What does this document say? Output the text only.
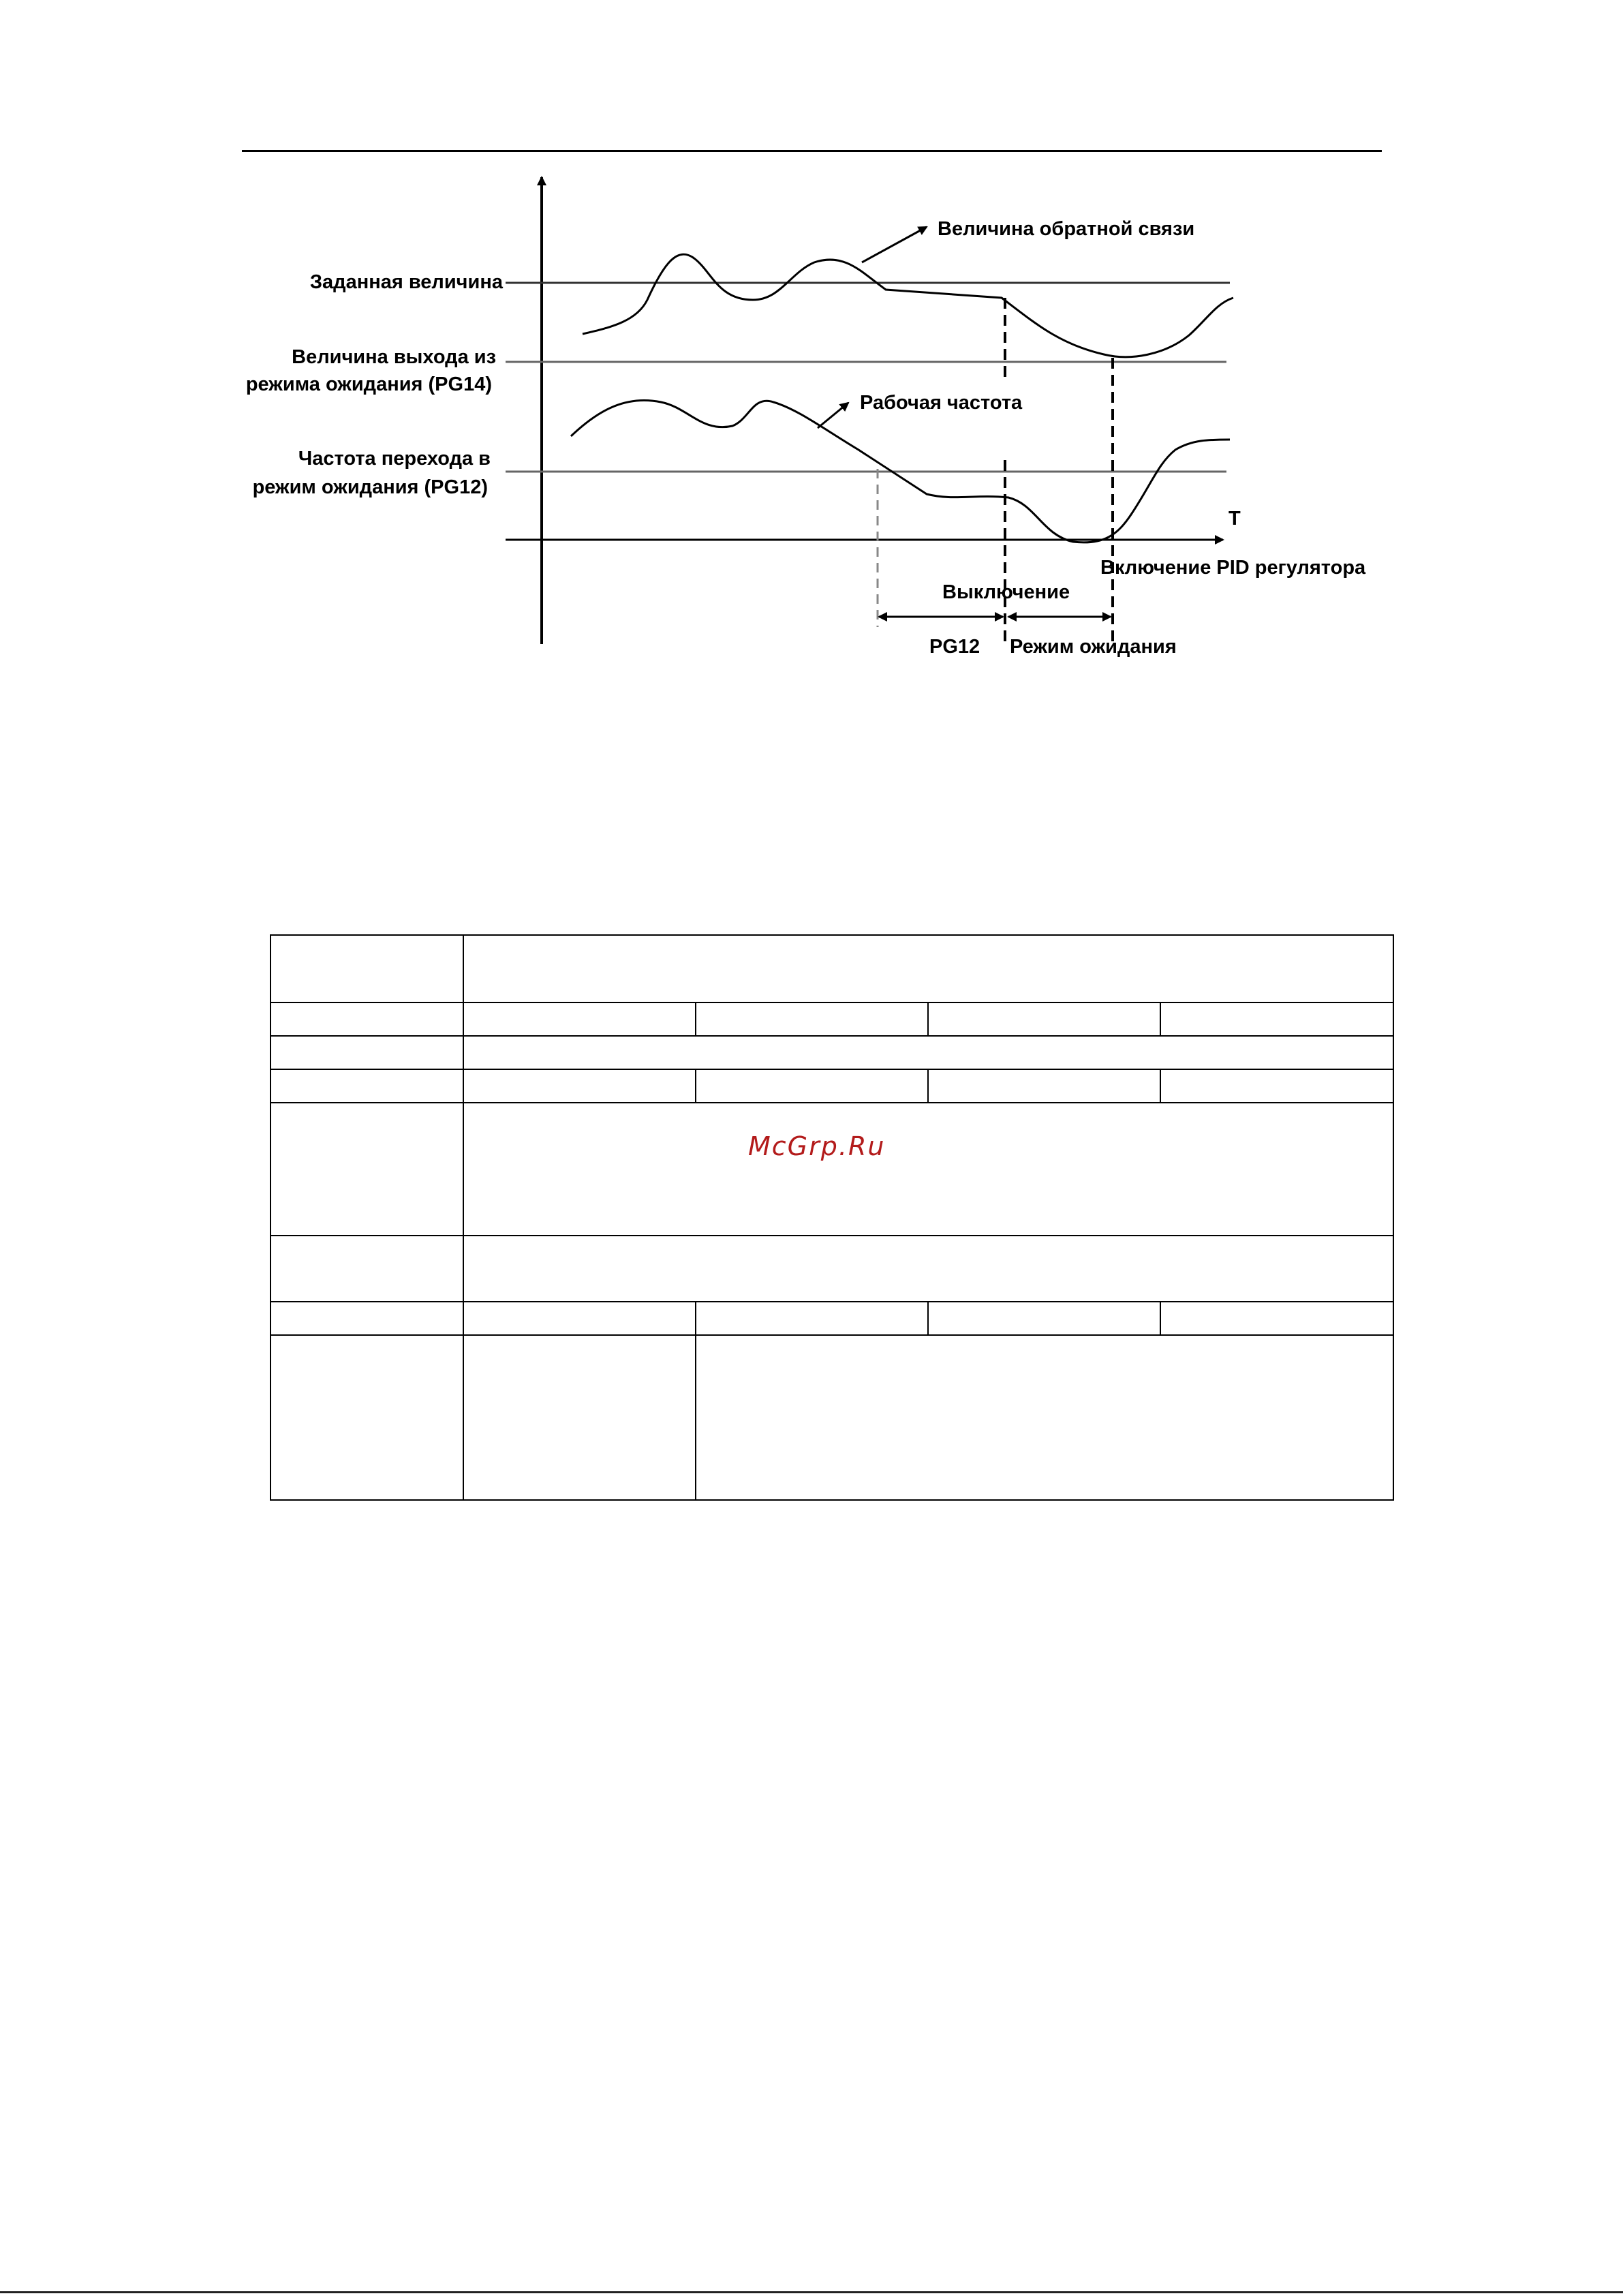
Заданная величина
Величина выхода из
режима ожидания (PG14)
Частота перехода в
режим ожидания (PG12)
Величина обратной связи
Рабочая частота
T
Включение PID регулятора
Выключение
PG12 Режим ожидания

McGrp.Ru
